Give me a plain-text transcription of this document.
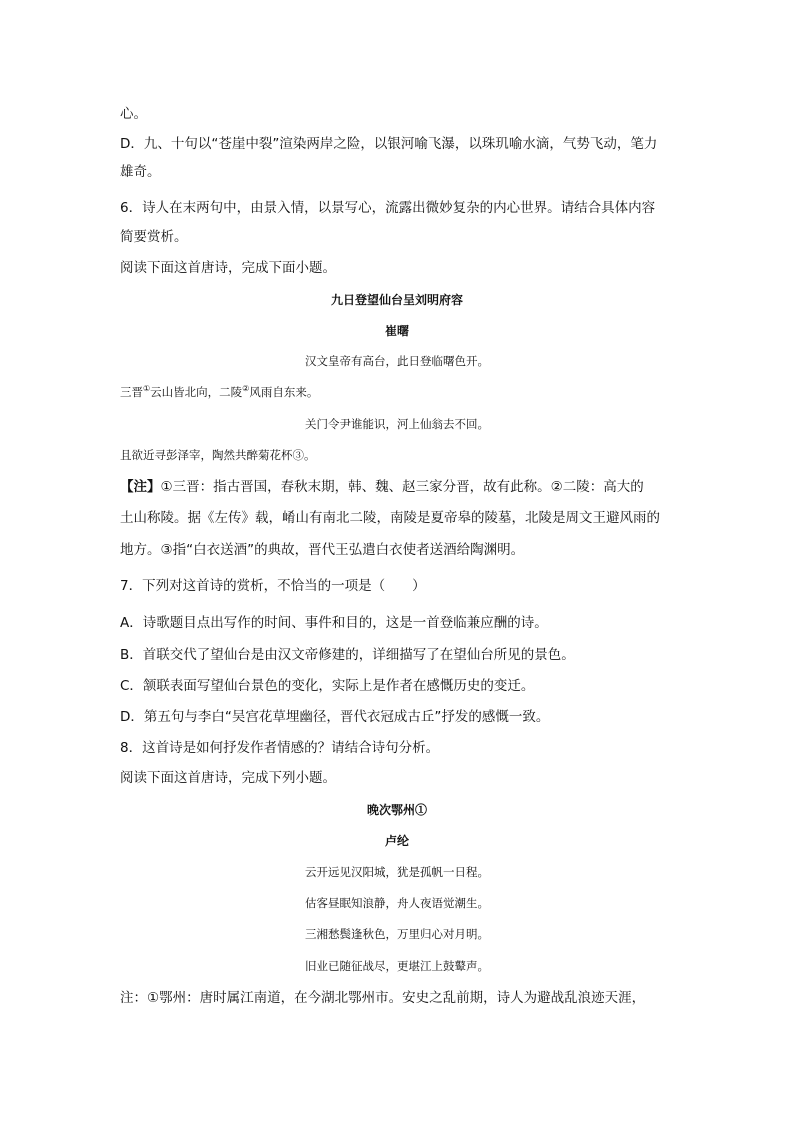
心。
D．九、十句以“苍崖中裂”渲染两岸之险，以银河喻飞瀑，以珠玑喻水滴，气势飞动，笔力
雄奇。
6．诗人在末两句中，由景入情，以景写心，流露出微妙复杂的内心世界。请结合具体内容
简要赏析。
阅读下面这首唐诗，完成下面小题。
九日登望仙台呈刘明府容
崔曙
汉文皇帝有高台，此日登临曙色开。
三晋①云山皆北向，二陵②风雨自东来。
关门令尹谁能识，河上仙翁去不回。
且欲近寻彭泽宰，陶然共醉菊花杯③。
【注】①三晋：指古晋国，春秋末期，韩、魏、赵三家分晋，故有此称。②二陵：高大的
土山称陵。据《左传》载，崤山有南北二陵，南陵是夏帝皋的陵墓，北陵是周文王避风雨的
地方。③指“白衣送酒”的典故，晋代王弘遣白衣使者送酒给陶渊明。
7．下列对这首诗的赏析，不恰当的一项是（　　）
A．诗歌题目点出写作的时间、事件和目的，这是一首登临兼应酬的诗。
B．首联交代了望仙台是由汉文帝修建的，详细描写了在望仙台所见的景色。
C．颔联表面写望仙台景色的变化，实际上是作者在感慨历史的变迁。
D．第五句与李白“吴宫花草埋幽径，晋代衣冠成古丘”抒发的感慨一致。
8．这首诗是如何抒发作者情感的？请结合诗句分析。
阅读下面这首唐诗，完成下列小题。
晚次鄂州①
卢纶
云开远见汉阳城，犹是孤帆一日程。
估客昼眠知浪静，舟人夜语觉潮生。
三湘愁鬓逢秋色，万里归心对月明。
旧业已随征战尽，更堪江上鼓鼙声。
注：①鄂州：唐时属江南道，在今湖北鄂州市。安史之乱前期，诗人为避战乱浪迹天涯，
